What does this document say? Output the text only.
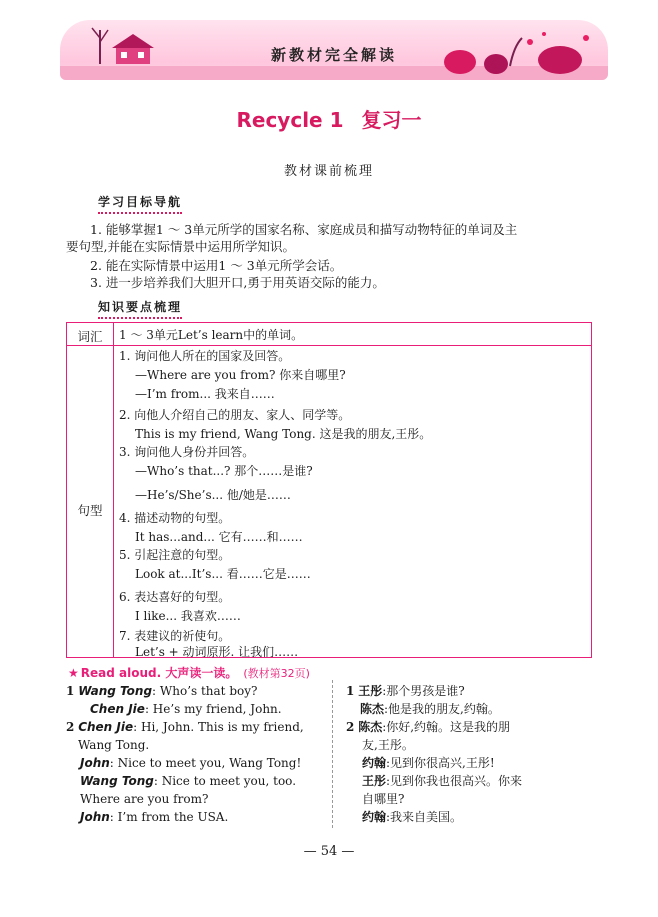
新教材完全解读
Recycle 1 复习一
教材课前梳理
学习目标导航
1. 能够掌握1 ～ 3单元所学的国家名称、家庭成员和描写动物特征的单词及主
要句型,并能在实际情景中运用所学知识。
2. 能在实际情景中运用1 ～ 3单元所学会话。
3. 进一步培养我们大胆开口,勇于用英语交际的能力。
知识要点梳理
词汇	1 ～ 3单元Let’s learn中的单词。
句型
1. 询问他人所在的国家及回答。
—Where are you from? 你来自哪里?
—I’m from... 我来自……
2. 向他人介绍自己的朋友、家人、同学等。
This is my friend, Wang Tong. 这是我的朋友,王彤。
3. 询问他人身份并回答。
—Who’s that...? 那个……是谁?
—He’s/She’s... 他/她是……
4. 描述动物的句型。
It has...and... 它有……和……
5. 引起注意的句型。
Look at...It’s... 看……它是……
6. 表达喜好的句型。
I like... 我喜欢……
7. 表建议的祈使句。
Let’s + 动词原形. 让我们……
★ Read aloud. 大声读一读。 (教材第32页)
1 Wang Tong: Who’s that boy?
Chen Jie: He’s my friend, John.
2 Chen Jie: Hi, John. This is my friend,
Wang Tong.
John: Nice to meet you, Wang Tong!
Wang Tong: Nice to meet you, too.
Where are you from?
John: I’m from the USA.
1 王彤:那个男孩是谁?
陈杰:他是我的朋友,约翰。
2 陈杰:你好,约翰。这是我的朋
友,王彤。
约翰:见到你很高兴,王彤!
王彤:见到你我也很高兴。你来
自哪里?
约翰:我来自美国。
— 54 —
